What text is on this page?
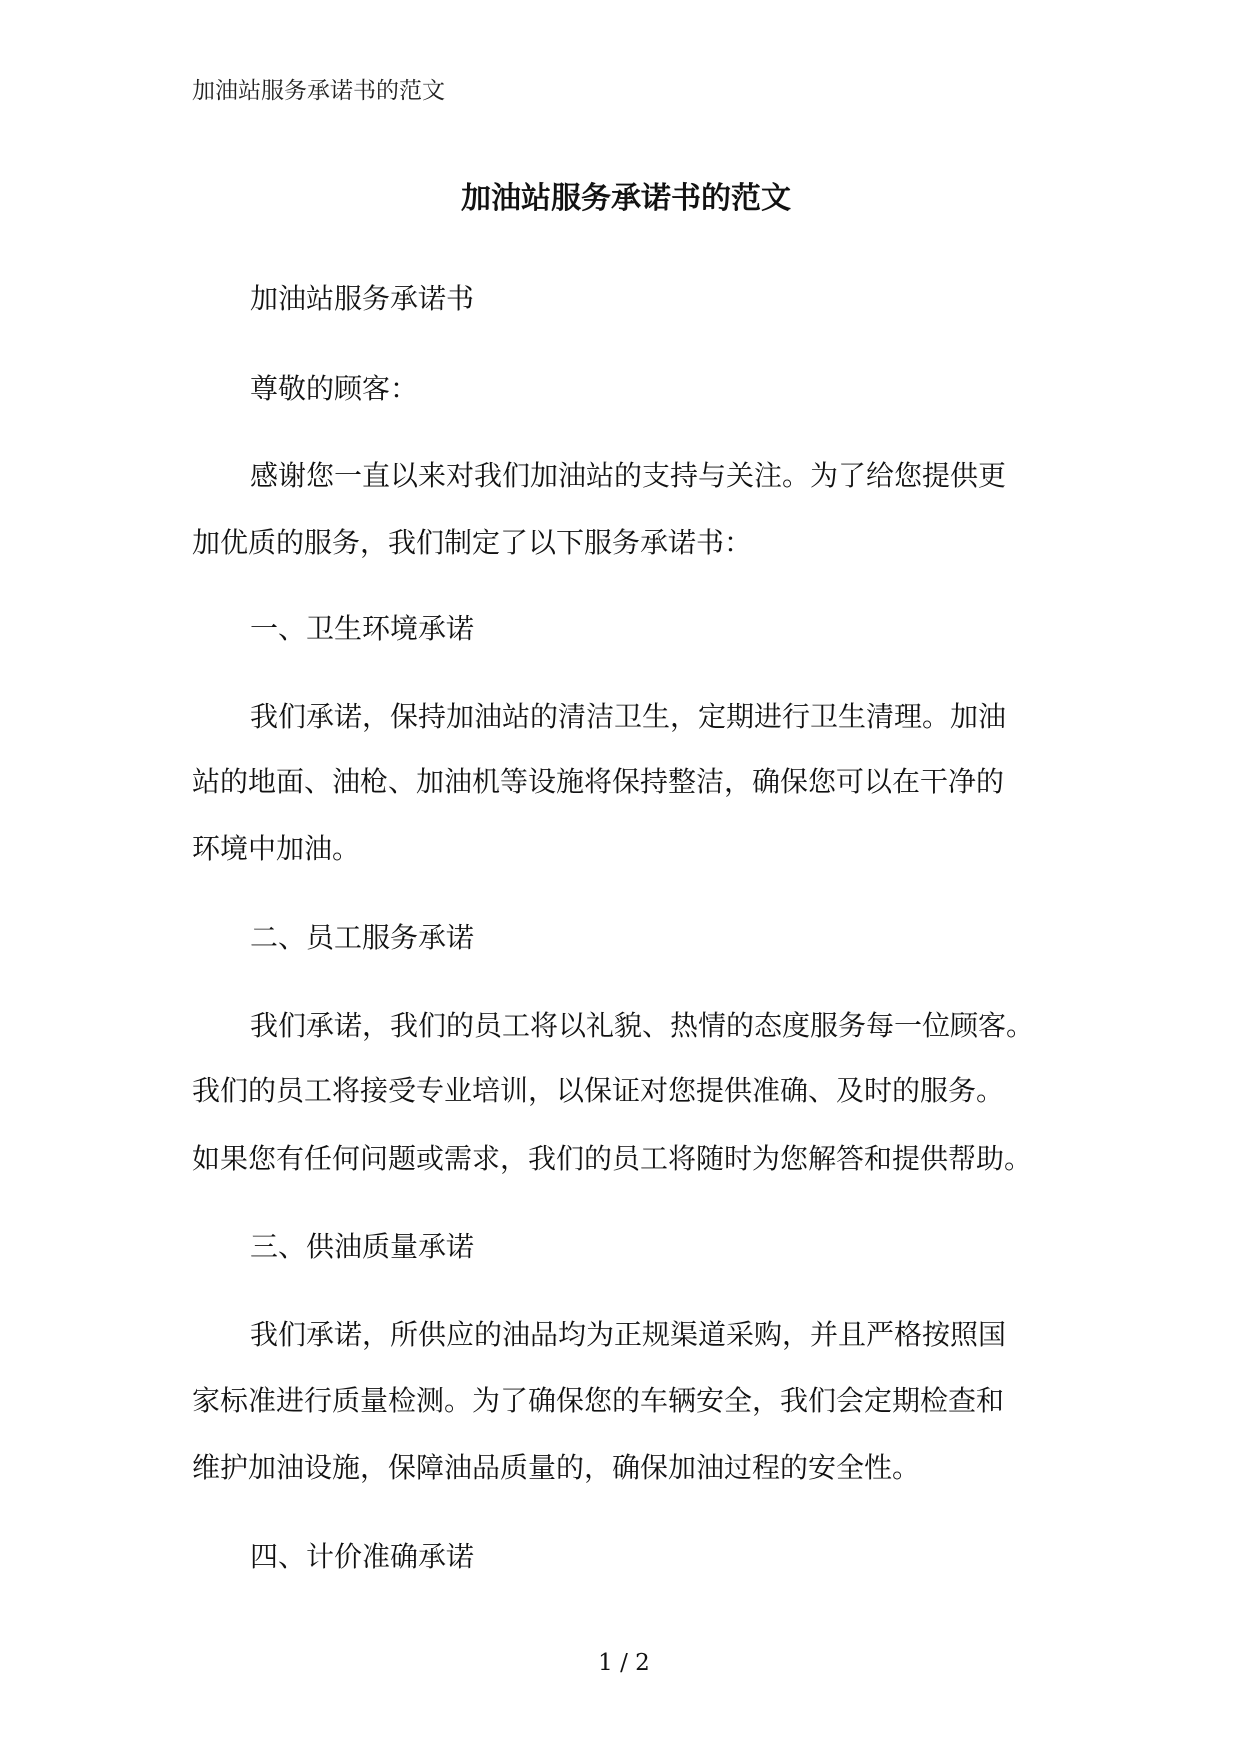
加油站服务承诺书的范文
加油站服务承诺书的范文
加油站服务承诺书
尊敬的顾客：
感谢您一直以来对我们加油站的支持与关注。为了给您提供更
加优质的服务，我们制定了以下服务承诺书：
一、卫生环境承诺
我们承诺，保持加油站的清洁卫生，定期进行卫生清理。加油
站的地面、油枪、加油机等设施将保持整洁，确保您可以在干净的
环境中加油。
二、员工服务承诺
我们承诺，我们的员工将以礼貌、热情的态度服务每一位顾客。
我们的员工将接受专业培训，以保证对您提供准确、及时的服务。
如果您有任何问题或需求，我们的员工将随时为您解答和提供帮助。
三、供油质量承诺
我们承诺，所供应的油品均为正规渠道采购，并且严格按照国
家标准进行质量检测。为了确保您的车辆安全，我们会定期检查和
维护加油设施，保障油品质量的，确保加油过程的安全性。
四、计价准确承诺
1 / 2
